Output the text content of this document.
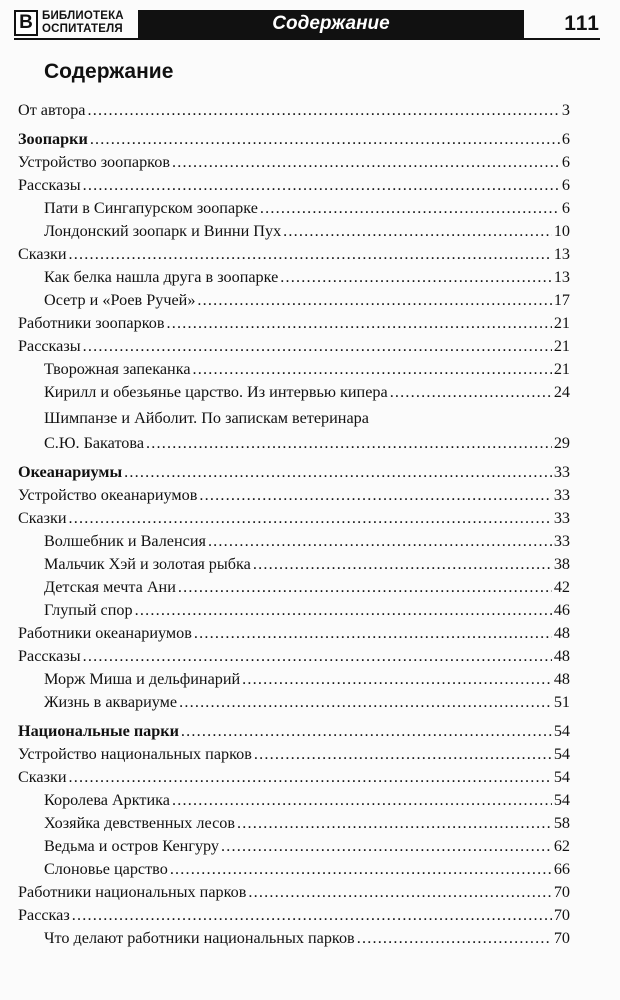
В БИБЛИОТЕКА
ОСПИТАТЕЛЯ	Содержание	111
Содержание
От автора .....	3
Зоопарки .....	6
Устройство зоопарков .....	6
Рассказы .....	6
Пати в Сингапурском зоопарке .....	6
Лондонский зоопарк и Винни Пух .....	10
Сказки .....	13
Как белка нашла друга в зоопарке .....	13
Осетр и «Роев Ручей» .....	17
Работники зоопарков .....	21
Рассказы .....	21
Творожная запеканка .....	21
Кирилл и обезьянье царство. Из интервью кипера .....	24
Шимпанзе и Айболит. По запискам ветеринара
С.Ю. Бакатова .....	29
Океанариумы .....	33
Устройство океанариумов .....	33
Сказки .....	33
Волшебник и Валенсия .....	33
Мальчик Хэй и золотая рыбка .....	38
Детская мечта Ани .....	42
Глупый спор .....	46
Работники океанариумов .....	48
Рассказы .....	48
Морж Миша и дельфинарий .....	48
Жизнь в аквариуме .....	51
Национальные парки .....	54
Устройство национальных парков .....	54
Сказки .....	54
Королева Арктика .....	54
Хозяйка девственных лесов .....	58
Ведьма и остров Кенгуру .....	62
Слоновье царство .....	66
Работники национальных парков .....	70
Рассказ .....	70
Что делают работники национальных парков .....	70
